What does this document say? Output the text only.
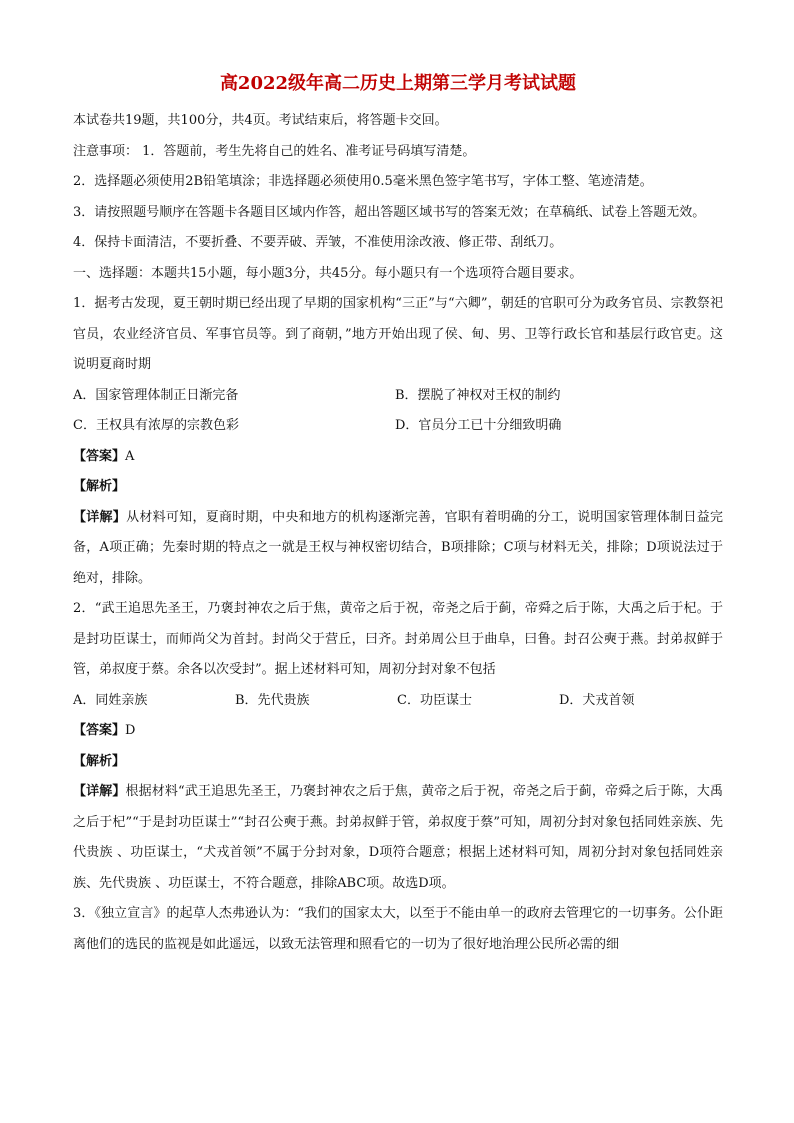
高2022级年高二历史上期第三学月考试试题

本试卷共19题，共100分，共4页。考试结束后，将答题卡交回。

注意事项： 1．答题前，考生先将自己的姓名、准考证号码填写清楚。

2．选择题必须使用2B铅笔填涂；非选择题必须使用0.5毫米黑色签字笔书写，字体工整、笔迹清楚。

3．请按照题号顺序在答题卡各题目区域内作答，超出答题区域书写的答案无效；在草稿纸、试卷上答题无效。

4．保持卡面清洁，不要折叠、不要弄破、弄皱，不准使用涂改液、修正带、刮纸刀。

一、选择题：本题共15小题，每小题3分，共45分。每小题只有一个选项符合题目要求。

1．据考古发现，夏王朝时期已经出现了早期的国家机构“三正”与“六卿”，朝廷的官职可分为政务官员、宗教祭祀官员，农业经济官员、军事官员等。到了商朝，”地方开始出现了侯、甸、男、卫等行政长官和基层行政官吏。这说明夏商时期

A．国家管理体制正日渐完备	B．摆脱了神权对王权的制约
C．王权具有浓厚的宗教色彩	D．官员分工已十分细致明确

【答案】A

【解析】

【详解】从材料可知，夏商时期，中央和地方的机构逐渐完善，官职有着明确的分工，说明国家管理体制日益完备，A项正确；先秦时期的特点之一就是王权与神权密切结合，B项排除；C项与材料无关，排除；D项说法过于绝对，排除。

2．“武王追思先圣王，乃褒封神农之后于焦，黄帝之后于祝，帝尧之后于蓟，帝舜之后于陈，大禹之后于杞。于是封功臣谋士，而师尚父为首封。封尚父于营丘，曰齐。封弟周公旦于曲阜，曰鲁。封召公奭于燕。封弟叔鲜于管，弟叔度于蔡。余各以次受封”。据上述材料可知，周初分封对象不包括

A．同姓亲族	B．先代贵族	C．功臣谋士	D．犬戎首领

【答案】D

【解析】

【详解】根据材料“武王追思先圣王，乃褒封神农之后于焦，黄帝之后于祝，帝尧之后于蓟，帝舜之后于陈，大禹之后于杞”“于是封功臣谋士”“封召公奭于燕。封弟叔鲜于管，弟叔度于蔡”可知，周初分封对象包括同姓亲族、先代贵族 、功臣谋士，“犬戎首领”不属于分封对象，D项符合题意；根据上述材料可知，周初分封对象包括同姓亲族、先代贵族 、功臣谋士，不符合题意，排除ABC项。故选D项。

3．《独立宣言》的起草人杰弗逊认为：“我们的国家太大，以至于不能由单一的政府去管理它的一切事务。公仆距离他们的选民的监视是如此遥远，以致无法管理和照看它的一切为了很好地治理公民所必需的细
